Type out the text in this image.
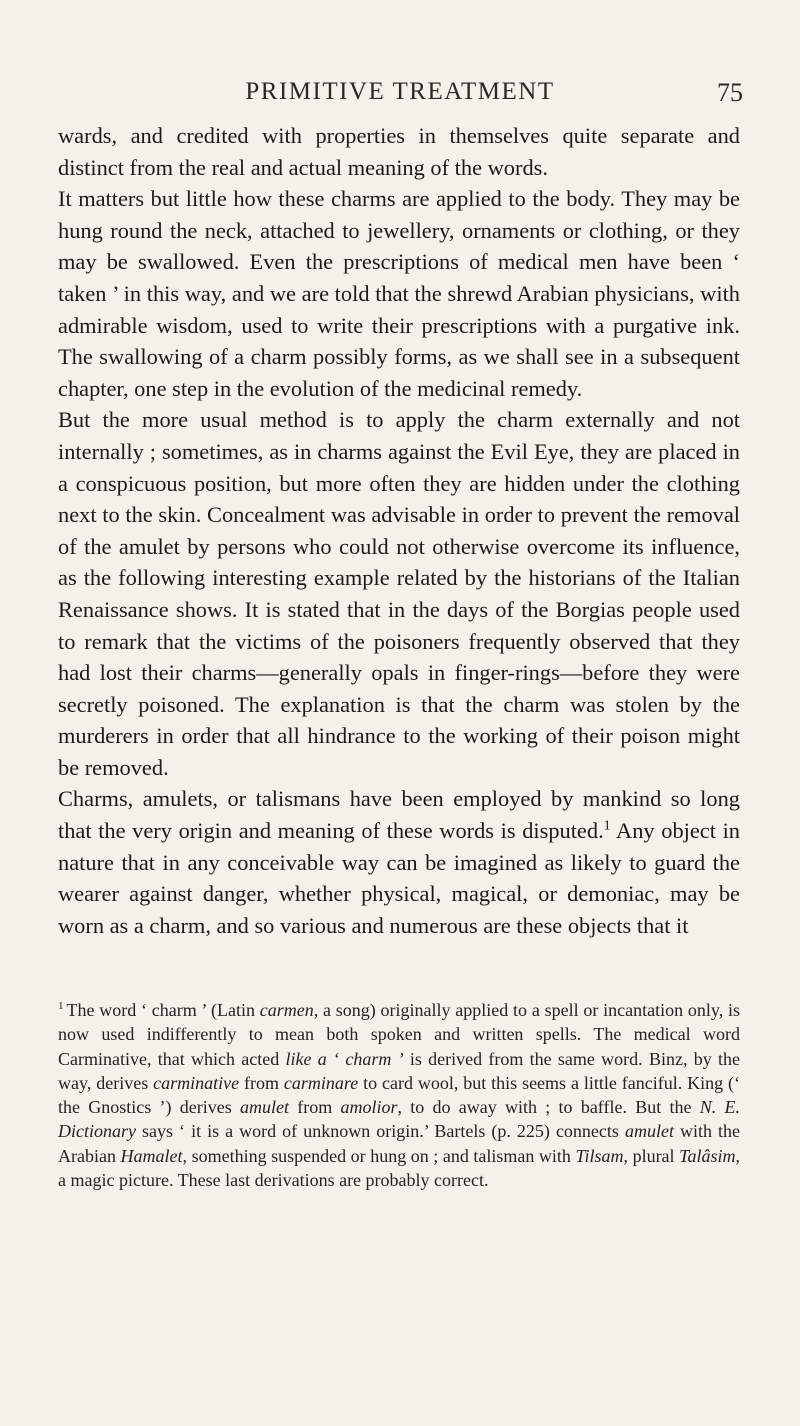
PRIMITIVE TREATMENT	75

wards, and credited with properties in themselves quite separate and distinct from the real and actual meaning of the words.

It matters but little how these charms are applied to the body. They may be hung round the neck, attached to jewellery, ornaments or clothing, or they may be swallowed. Even the prescriptions of medical men have been ‘ taken ’ in this way, and we are told that the shrewd Arabian physicians, with admirable wisdom, used to write their prescriptions with a purgative ink. The swallowing of a charm possibly forms, as we shall see in a subsequent chapter, one step in the evolution of the medicinal remedy.

But the more usual method is to apply the charm externally and not internally ; sometimes, as in charms against the Evil Eye, they are placed in a conspicuous position, but more often they are hidden under the clothing next to the skin. Concealment was advisable in order to prevent the removal of the amulet by persons who could not otherwise overcome its influence, as the following interesting example related by the historians of the Italian Renaissance shows. It is stated that in the days of the Borgias people used to remark that the victims of the poisoners frequently observed that they had lost their charms—generally opals in finger-rings—before they were secretly poisoned. The explanation is that the charm was stolen by the murderers in order that all hindrance to the working of their poison might be removed.

Charms, amulets, or talismans have been employed by mankind so long that the very origin and meaning of these words is disputed.$^1$ Any object in nature that in any conceivable way can be imagined as likely to guard the wearer against danger, whether physical, magical, or demoniac, may be worn as a charm, and so various and numerous are these objects that it

$^1$ The word ‘ charm ’ (Latin carmen, a song) originally applied to a spell or incantation only, is now used indifferently to mean both spoken and written spells. The medical word Carminative, that which acted like a ‘ charm ’ is derived from the same word. Binz, by the way, derives carminative from carminare to card wool, but this seems a little fanciful. King (‘ the Gnostics ’) derives amulet from amolior, to do away with ; to baffle. But the N. E. Dictionary says ‘ it is a word of unknown origin.’ Bartels (p. 225) connects amulet with the Arabian Hamalet, something suspended or hung on ; and talisman with Tilsam, plural Talâsim, a magic picture. These last derivations are probably correct.
